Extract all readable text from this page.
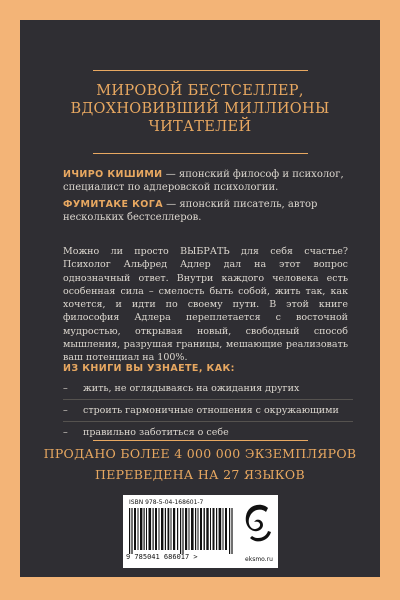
МИРОВОЙ БЕСТСЕЛЛЕР,
ВДОХНОВИВШИЙ МИЛЛИОНЫ
ЧИТАТЕЛЕЙ
ИЧИРО КИШИМИ — японский философ и психолог, специалист по адлеровской психологии.
ФУМИТАКЕ КОГА — японский писатель, автор нескольких бестселлеров.
Можно ли просто ВЫБРАТЬ для себя счастье? Психолог Альфред Адлер дал на этот вопрос однозначный ответ. Внутри каждого человека есть особенная сила – смелость быть собой, жить так, как хочется, и идти по своему пути. В этой книге философия Адлера переплетается с восточной мудростью, открывая новый, свободный способ мышления, разрушая границы, мешающие реализовать ваш потенциал на 100%.
ИЗ КНИГИ ВЫ УЗНАЕТЕ, КАК:
– жить, не оглядываясь на ожидания других
– строить гармоничные отношения с окружающими
– правильно заботиться о себе
ПРОДАНО БОЛЕЕ 4 000 000 ЭКЗЕМПЛЯРОВ
ПЕРЕВЕДЕНА НА 27 ЯЗЫКОВ
ISBN 978-5-04-168601-7
9 785041 686017 >	eksmo.ru
